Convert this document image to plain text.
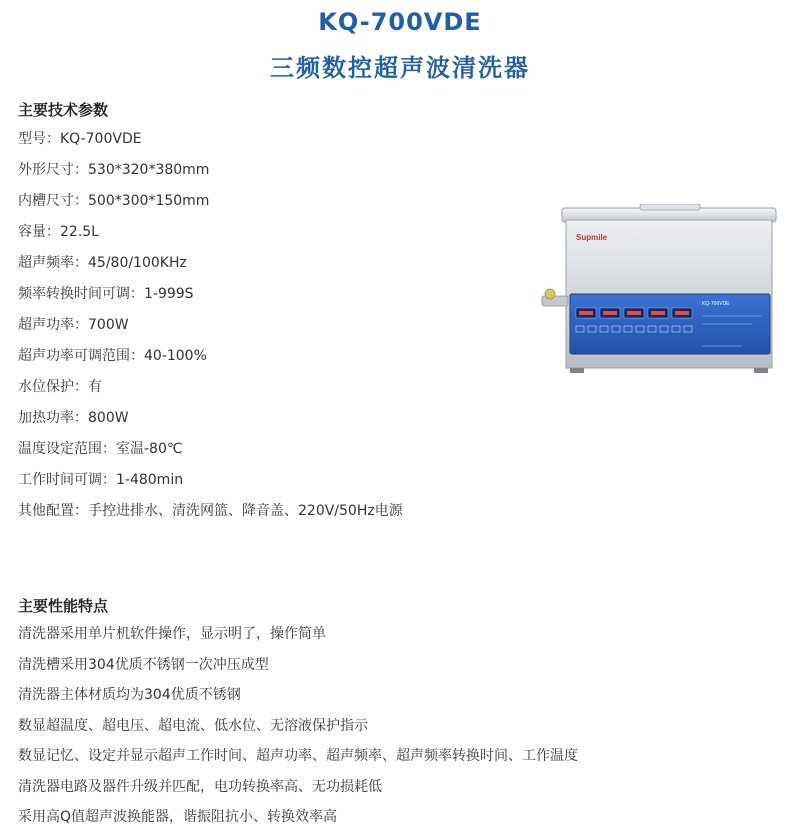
KQ-700VDE
三频数控超声波清洗器
主要技术参数
型号：KQ-700VDE
外形尺寸：530*320*380mm
内槽尺寸：500*300*150mm
容量：22.5L
超声频率：45/80/100KHz
频率转换时间可调：1-999S
超声功率：700W
超声功率可调范围：40-100%
水位保护：有
加热功率：800W
温度设定范围：室温-80℃
工作时间可调：1-480min
其他配置：手控进排水、清洗网篮、降音盖、220V/50Hz电源
主要性能特点
清洗器采用单片机软件操作，显示明了，操作简单
清洗槽采用304优质不锈钢一次冲压成型
清洗器主体材质均为304优质不锈钢
数显超温度、超电压、超电流、低水位、无溶液保护指示
数显记忆、设定并显示超声工作时间、超声功率、超声频率、超声频率转换时间、工作温度
清洗器电路及器件升级并匹配，电功转换率高、无功损耗低
采用高Q值超声波换能器，谐振阻抗小、转换效率高
Supmile
KQ-700VDE
